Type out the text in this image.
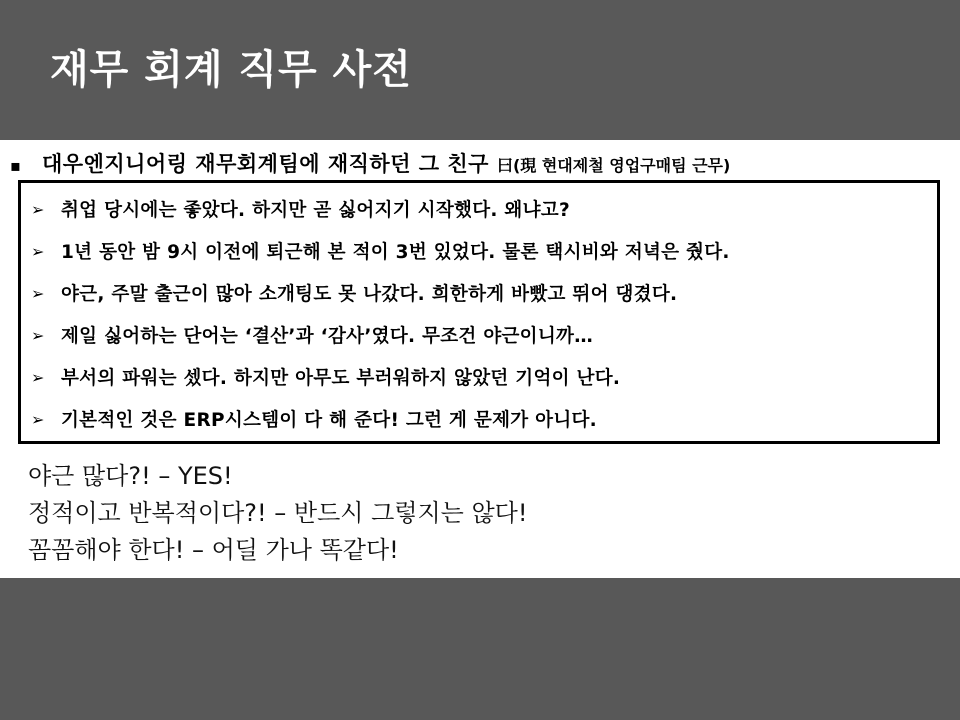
재무 회계 직무 사전
▪	대우엔지니어링 재무회계팀에 재직하던 그 친구 曰(現 현대제철 영업구매팀 근무)
➢ 취업 당시에는 좋았다. 하지만 곧 싫어지기 시작했다. 왜냐고?
➢ 1년 동안 밤 9시 이전에 퇴근해 본 적이 3번 있었다. 물론 택시비와 저녁은 줬다.
➢ 야근, 주말 출근이 많아 소개팅도 못 나갔다. 희한하게 바빴고 뛰어 댕겼다.
➢ 제일 싫어하는 단어는 ‘결산’과 ‘감사’였다. 무조건 야근이니까…
➢ 부서의 파워는 셌다. 하지만 아무도 부러워하지 않았던 기억이 난다.
➢ 기본적인 것은 ERP시스템이 다 해 준다! 그런 게 문제가 아니다.
야근 많다?! – YES!
정적이고 반복적이다?! – 반드시 그렇지는 않다!
꼼꼼해야 한다! – 어딜 가나 똑같다!
